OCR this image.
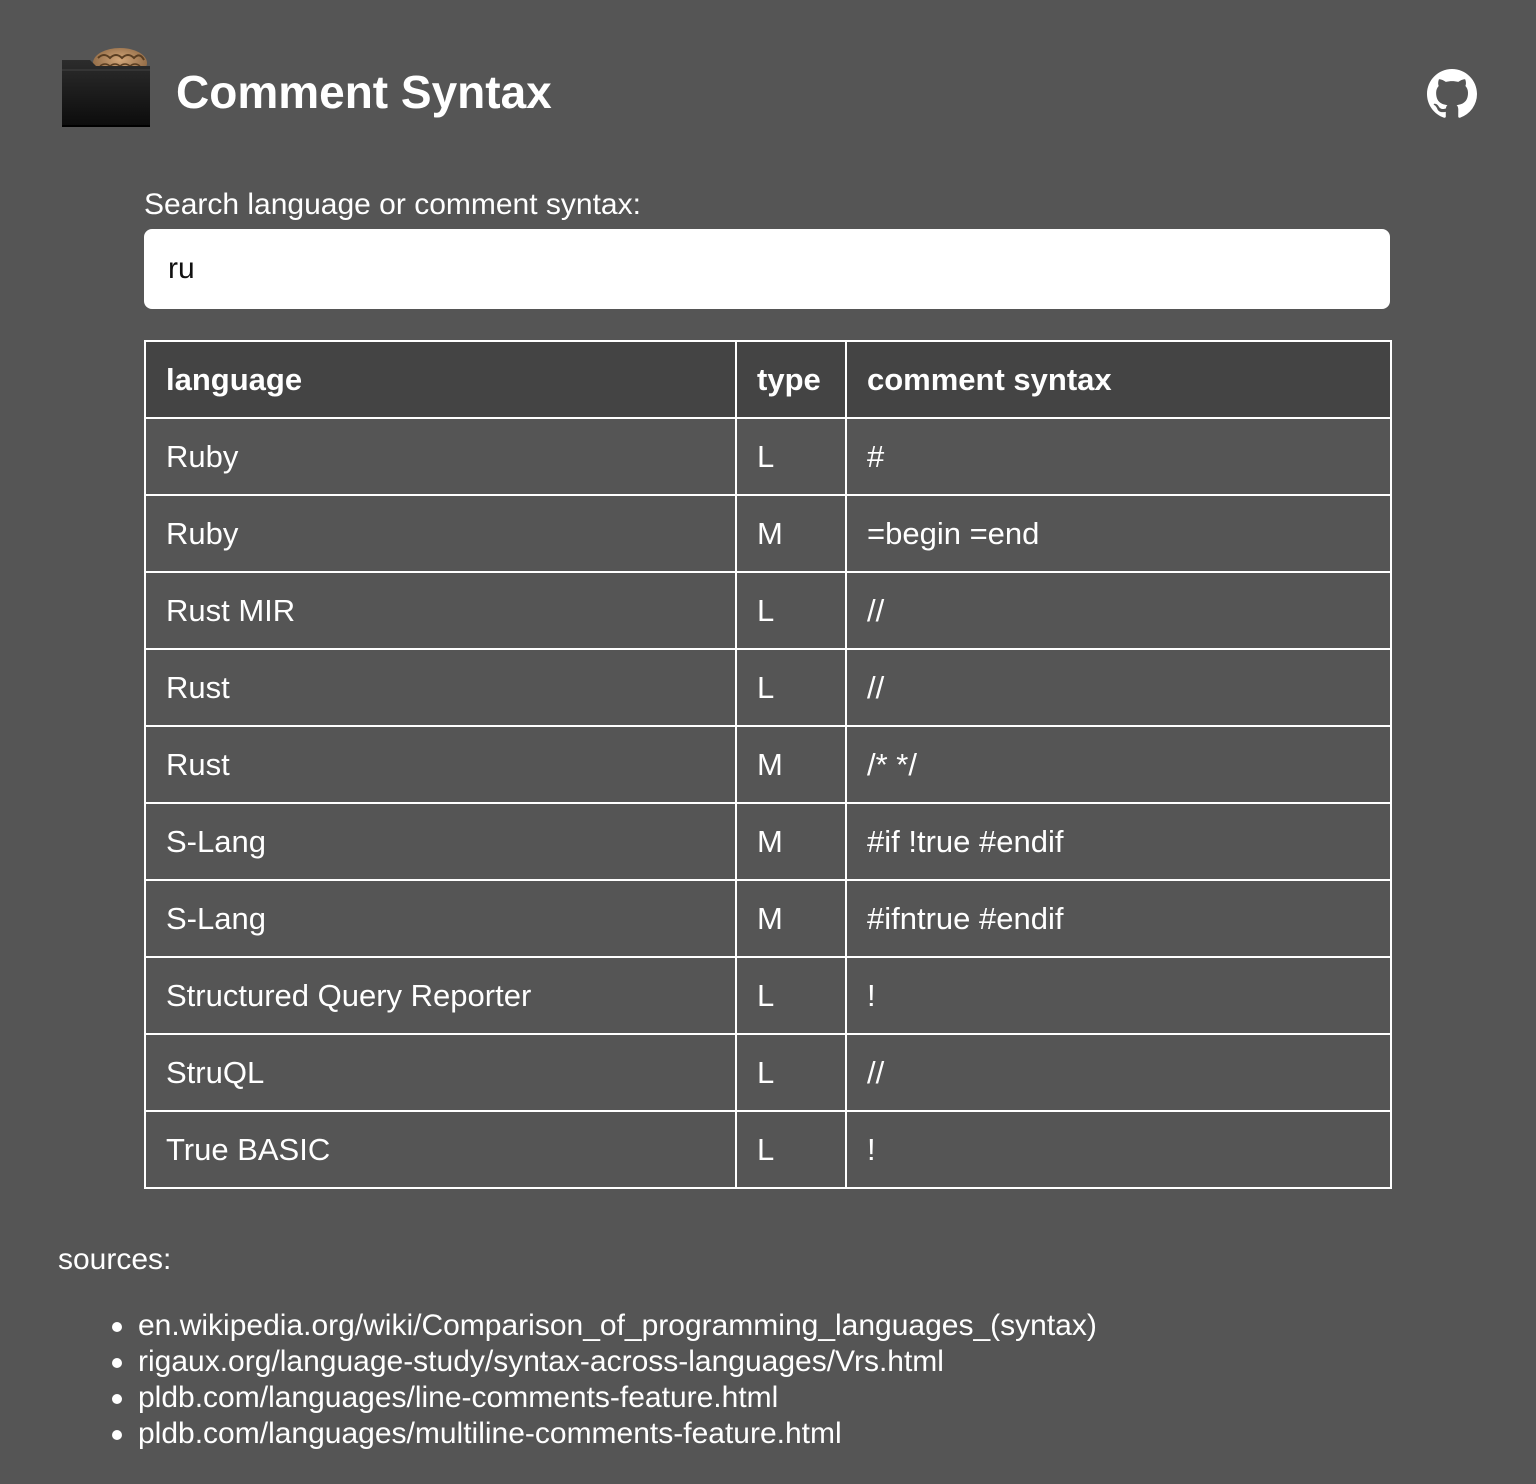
Comment Syntax
Search language or comment syntax:
ru
language	type	comment syntax
Ruby	L	#
Ruby	M	=begin =end
Rust MIR	L	//
Rust	L	//
Rust	M	/* */
S-Lang	M	#if !true #endif
S-Lang	M	#ifntrue #endif
Structured Query Reporter	L	!
StruQL	L	//
True BASIC	L	!
sources:
en.wikipedia.org/wiki/Comparison_of_programming_languages_(syntax)
rigaux.org/language-study/syntax-across-languages/Vrs.html
pldb.com/languages/line-comments-feature.html
pldb.com/languages/multiline-comments-feature.html
